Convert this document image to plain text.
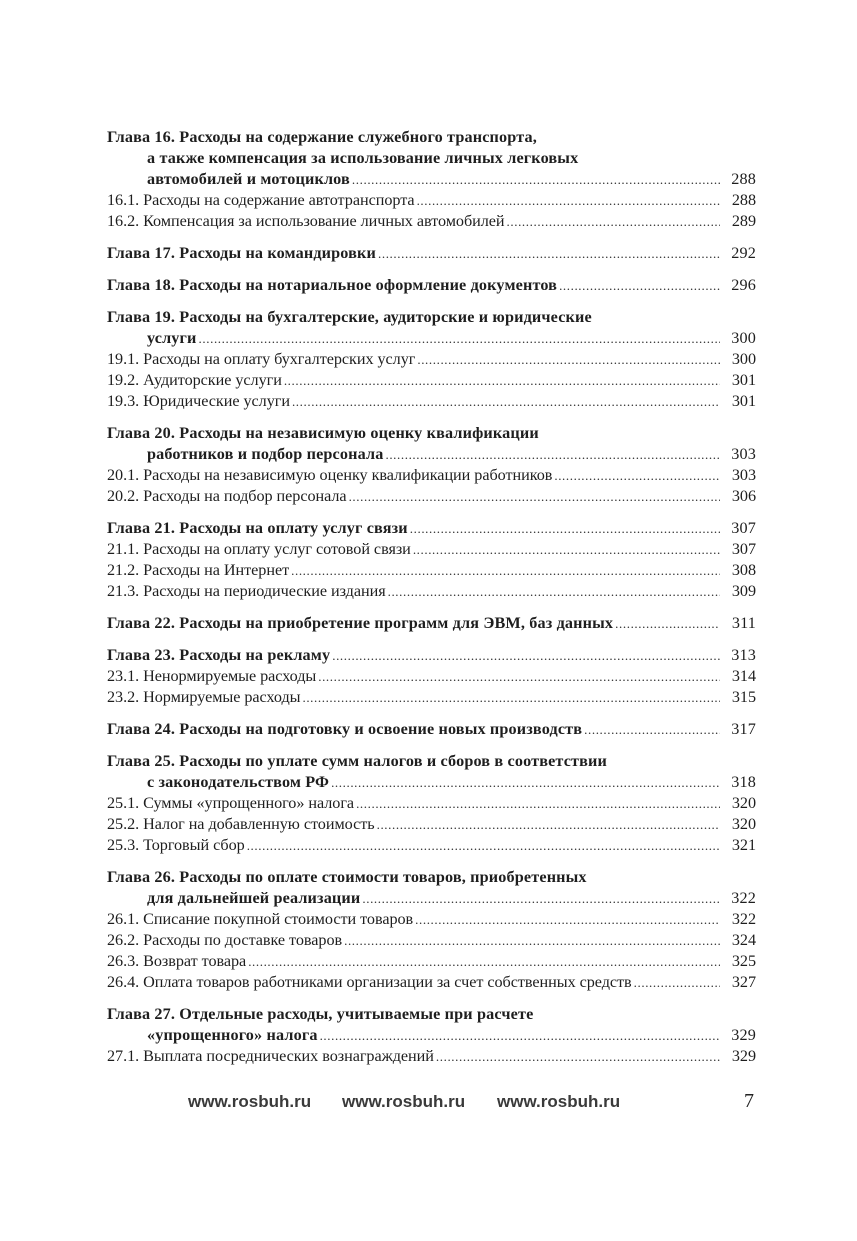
Глава 16. Расходы на содержание служебного транспорта,
а также компенсация за использование личных легковых
автомобилей и мотоциклов .....	288
16.1. Расходы на содержание автотранспорта .....	288
16.2. Компенсация за использование личных автомобилей .....	289
Глава 17. Расходы на командировки .....	292
Глава 18. Расходы на нотариальное оформление документов .....	296
Глава 19. Расходы на бухгалтерские, аудиторские и юридические
услуги .....	300
19.1. Расходы на оплату бухгалтерских услуг .....	300
19.2. Аудиторские услуги .....	301
19.3. Юридические услуги .....	301
Глава 20. Расходы на независимую оценку квалификации
работников и подбор персонала .....	303
20.1. Расходы на независимую оценку квалификации работников .....	303
20.2. Расходы на подбор персонала .....	306
Глава 21. Расходы на оплату услуг связи .....	307
21.1. Расходы на оплату услуг сотовой связи .....	307
21.2. Расходы на Интернет .....	308
21.3. Расходы на периодические издания .....	309
Глава 22. Расходы на приобретение программ для ЭВМ, баз данных .....	311
Глава 23. Расходы на рекламу .....	313
23.1. Ненормируемые расходы .....	314
23.2. Нормируемые расходы .....	315
Глава 24. Расходы на подготовку и освоение новых производств .....	317
Глава 25. Расходы по уплате сумм налогов и сборов в соответствии
с законодательством РФ .....	318
25.1. Суммы «упрощенного» налога .....	320
25.2. Налог на добавленную стоимость .....	320
25.3. Торговый сбор .....	321
Глава 26. Расходы по оплате стоимости товаров, приобретенных
для дальнейшей реализации .....	322
26.1. Списание покупной стоимости товаров .....	322
26.2. Расходы по доставке товаров .....	324
26.3. Возврат товара .....	325
26.4. Оплата товаров работниками организации за счет собственных средств .....	327
Глава 27. Отдельные расходы, учитываемые при расчете
«упрощенного» налога .....	329
27.1. Выплата посреднических вознаграждений .....	329
www.rosbuh.ru www.rosbuh.ru www.rosbuh.ru	7
